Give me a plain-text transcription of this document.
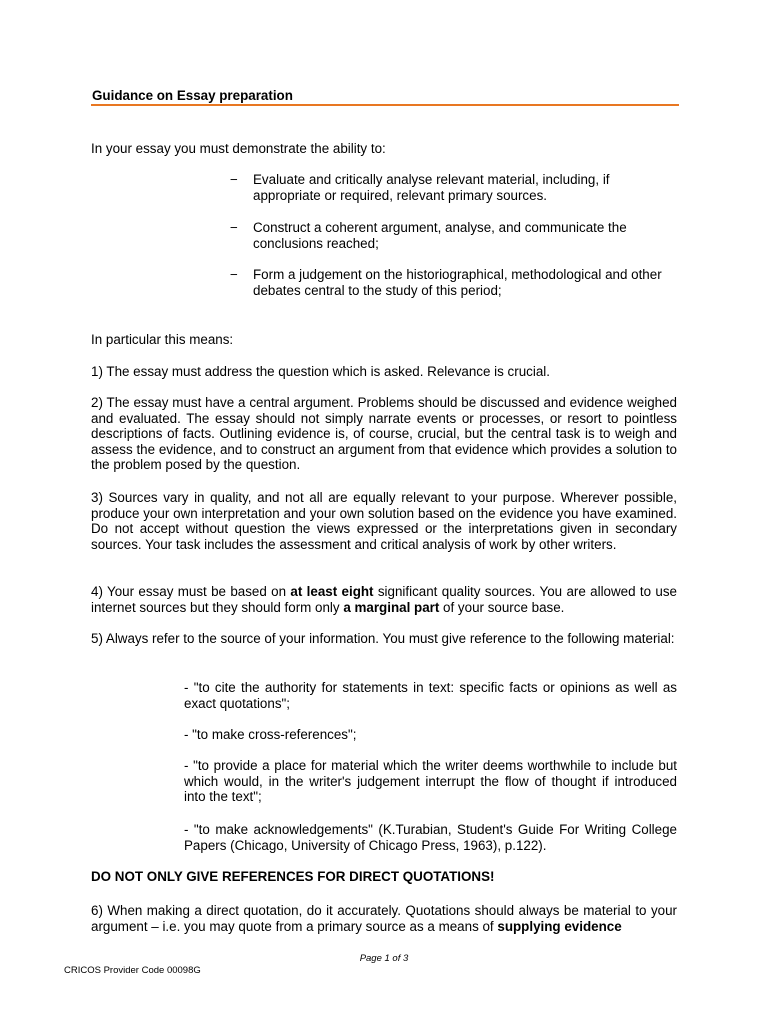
Guidance on Essay preparation

In your essay you must demonstrate the ability to:

−	Evaluate and critically analyse relevant material, including, if appropriate or required, relevant primary sources.
−	Construct a coherent argument, analyse, and communicate the conclusions reached;
−	Form a judgement on the historiographical, methodological and other debates central to the study of this period;

In particular this means:

1) The essay must address the question which is asked. Relevance is crucial.

2) The essay must have a central argument. Problems should be discussed and evidence weighed and evaluated. The essay should not simply narrate events or processes, or resort to pointless descriptions of facts. Outlining evidence is, of course, crucial, but the central task is to weigh and assess the evidence, and to construct an argument from that evidence which provides a solution to the problem posed by the question.

3) Sources vary in quality, and not all are equally relevant to your purpose. Wherever possible, produce your own interpretation and your own solution based on the evidence you have examined. Do not accept without question the views expressed or the interpretations given in secondary sources. Your task includes the assessment and critical analysis of work by other writers.

4) Your essay must be based on at least eight significant quality sources. You are allowed to use internet sources but they should form only a marginal part of your source base.

5) Always refer to the source of your information. You must give reference to the following material:

- "to cite the authority for statements in text: specific facts or opinions as well as exact quotations";

- "to make cross-references";

- "to provide a place for material which the writer deems worthwhile to include but which would, in the writer's judgement interrupt the flow of thought if introduced into the text";

- "to make acknowledgements" (K.Turabian, Student's Guide For Writing College Papers (Chicago, University of Chicago Press, 1963), p.122).

DO NOT ONLY GIVE REFERENCES FOR DIRECT QUOTATIONS!

6) When making a direct quotation, do it accurately. Quotations should always be material to your argument – i.e. you may quote from a primary source as a means of supplying evidence

Page 1 of 3
CRICOS Provider Code 00098G
